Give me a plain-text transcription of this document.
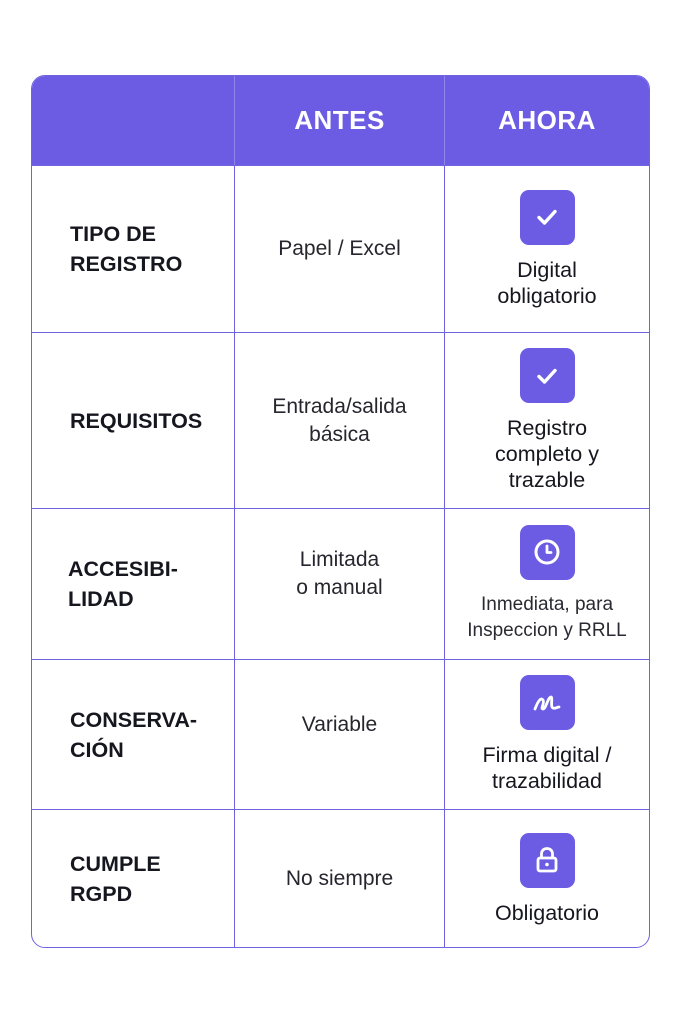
ANTES	AHORA
TIPO DE
REGISTRO
Papel / Excel
Digital
obligatorio
REQUISITOS
Entrada/salida
básica	Registro
completo y
trazable
ACCESIBI-
LIDAD
Limitada
o manual
Inmediata, para
Inspeccion y RRLL
CONSERVA-
CIÓN
Variable
Firma digital /
trazabilidad
CUMPLE
RGPD
No siempre
Obligatorio
